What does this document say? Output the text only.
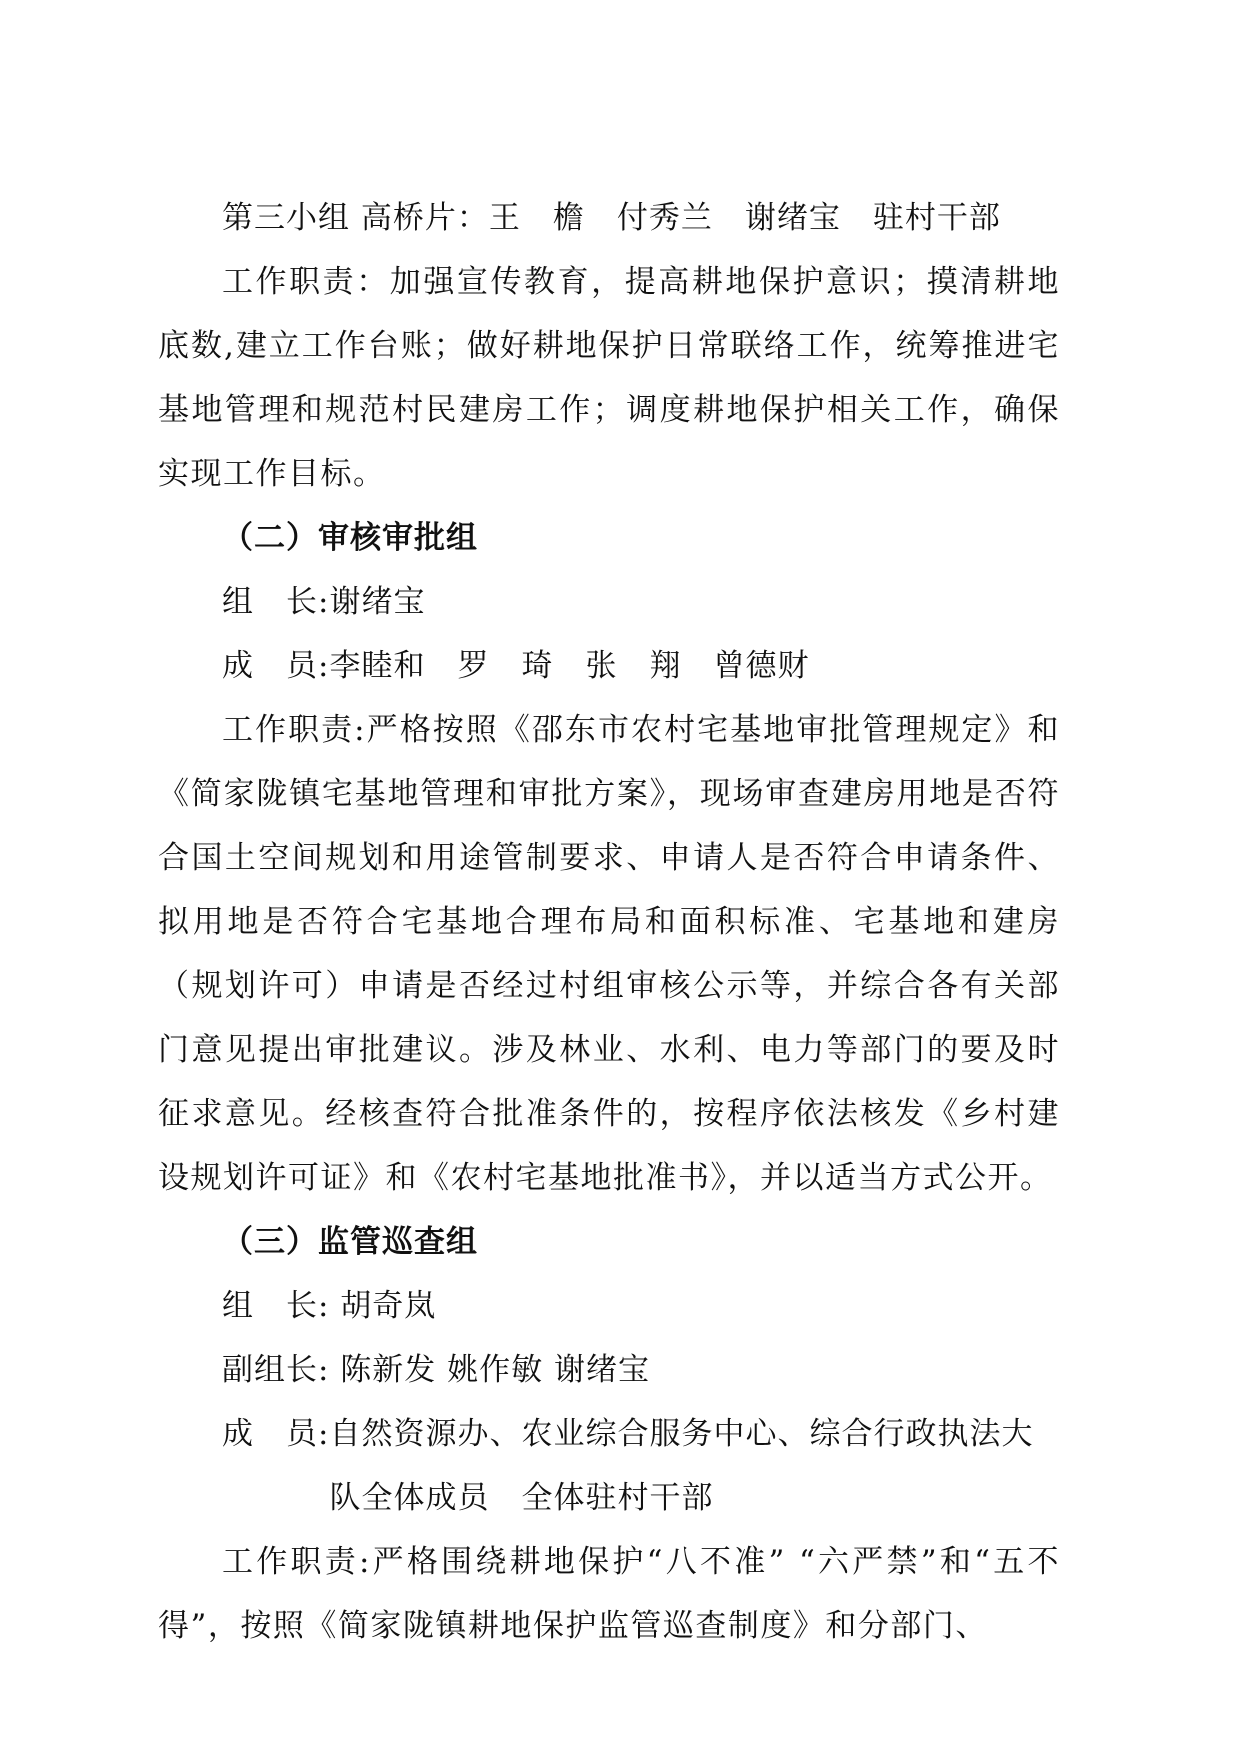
第三小组 高桥片：王　檐　付秀兰　谢绪宝　驻村干部

工作职责：加强宣传教育，提高耕地保护意识；摸清耕地底数,建立工作台账；做好耕地保护日常联络工作，统筹推进宅基地管理和规范村民建房工作；调度耕地保护相关工作，确保实现工作目标。

（二）审核审批组
组　长:谢绪宝
成　员:李睦和　罗　琦　张　翔　曾德财

工作职责:严格按照《邵东市农村宅基地审批管理规定》和《简家陇镇宅基地管理和审批方案》，现场审查建房用地是否符合国土空间规划和用途管制要求、申请人是否符合申请条件、拟用地是否符合宅基地合理布局和面积标准、宅基地和建房（规划许可）申请是否经过村组审核公示等，并综合各有关部门意见提出审批建议。涉及林业、水利、电力等部门的要及时征求意见。经核查符合批准条件的，按程序依法核发《乡村建设规划许可证》和《农村宅基地批准书》，并以适当方式公开。

（三）监管巡查组
组　长: 胡奇岚
副组长: 陈新发 姚作敏 谢绪宝
成　员: 自然资源办、农业综合服务中心、综合行政执法大队全体成员　全体驻村干部

工作职责:严格围绕耕地保护“八不准” “六严禁”和“五不得”，按照《简家陇镇耕地保护监管巡查制度》和分部门、
